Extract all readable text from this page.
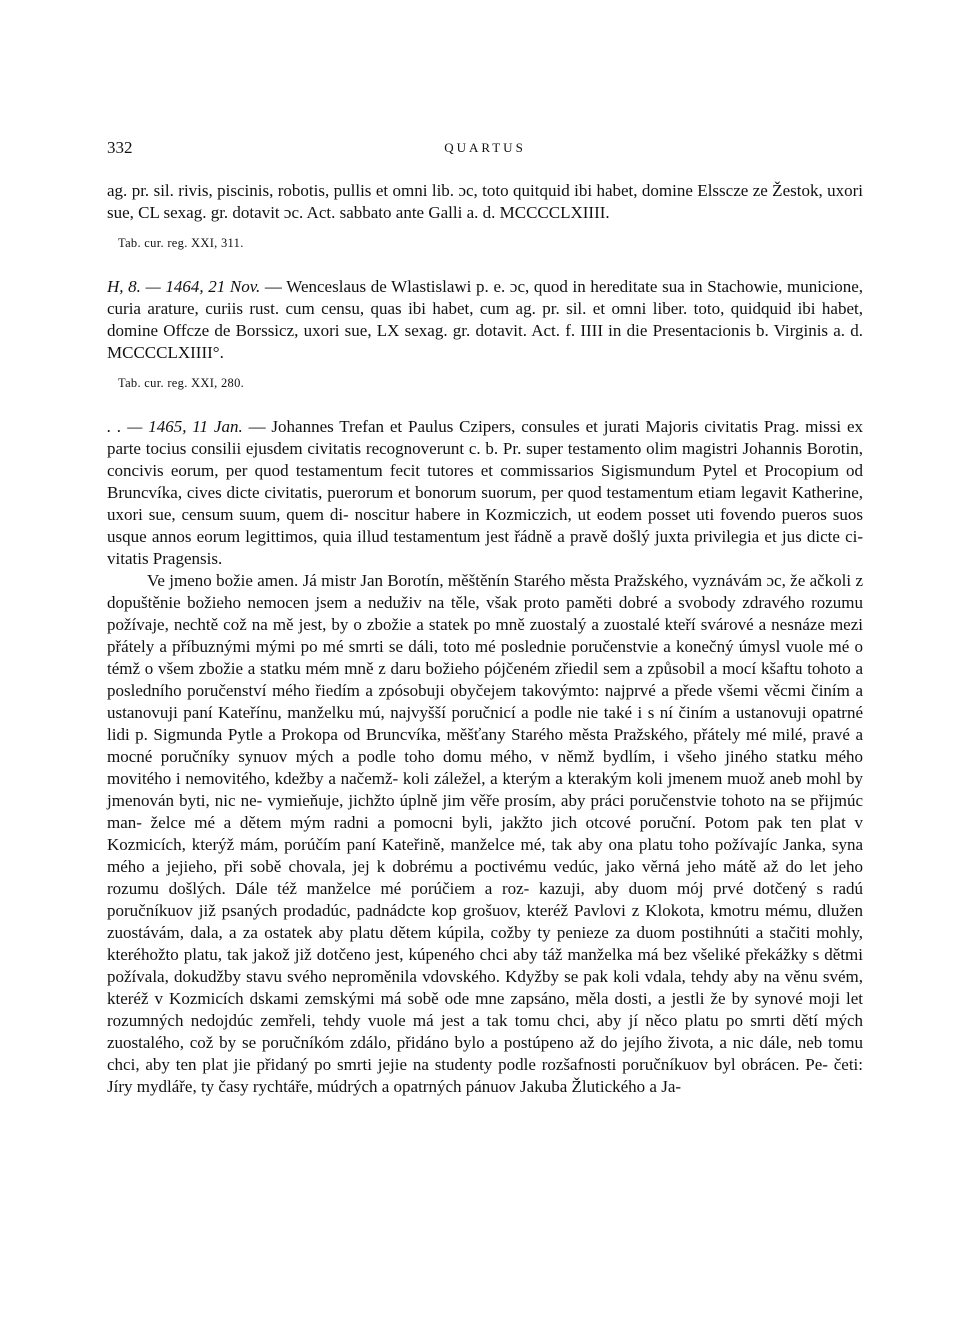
332	QUARTUS

ag. pr. sil. rivis, piscinis, robotis, pullis et omni lib. ɔc, toto quitquid ibi habet, domine Elsscze ze Žestok, uxori sue, CL sexag. gr. dotavit ɔc. Act. sabbato ante Galli a. d. MCCCCLXIIII.

Tab. cur. reg. XXI, 311.

H, 8. — 1464, 21 Nov. — Wenceslaus de Wlastislawi p. e. ɔc, quod in hereditate sua in Stachowie, municione, curia arature, curiis rust. cum censu, quas ibi habet, cum ag. pr. sil. et omni liber. toto, quidquid ibi habet, domine Offcze de Borssicz, uxori sue, LX sexag. gr. dotavit. Act. f. IIII in die Presentacionis b. Virginis a. d. MCCCCLXIIII°.

Tab. cur. reg. XXI, 280.

. . — 1465, 11 Jan. — Johannes Trefan et Paulus Czipers, consules et jurati Majoris civitatis Prag. missi ex parte tocius consilii ejusdem civitatis recognoverunt c. b. Pr. super testamento olim magistri Johannis Borotin, concivis eorum, per quod testamentum fecit tutores et commissarios Sigismundum Pytel et Procopium od Bruncvíka, cives dicte civitatis, puerorum et bonorum suorum, per quod testamentum etiam legavit Katherine, uxori sue, censum suum, quem di- noscitur habere in Kozmiczich, ut eodem posset uti fovendo pueros suos usque annos eorum legittimos, quia illud testamentum jest řádně a pravě došlý juxta privilegia et jus dicte ci- vitatis Pragensis.

Ve jmeno božie amen. Já mistr Jan Borotín, měštěnín Starého města Pražského, vyznávám ɔc, že ačkoli z dopuštěnie božieho nemocen jsem a neduživ na těle, však proto paměti dobré a svobody zdravého rozumu požívaje, nechtě což na mě jest, by o zbožie a statek po mně zuostalý a zuostalé kteří svárové a nesnáze mezi přátely a příbuznými mými po mé smrti se dáli, toto mé poslednie poručenstvie a konečný úmysl vuole mé o témž o všem zbožie a statku mém mně z daru božieho pójčeném zřiedil sem a způsobil a mocí kšaftu tohoto a posledního poručenství mého řiedím a zpósobuji obyčejem takovýmto: najprvé a přede všemi věcmi činím a ustanovuji paní Kateřínu, manželku mú, najvyšší poručnicí a podle nie také i s ní činím a ustanovuji opatrné lidi p. Sigmunda Pytle a Prokopa od Bruncvíka, měšťany Starého města Pražského, přátely mé milé, pravé a mocné poručníky synuov mých a podle toho domu mého, v němž bydlím, i všeho jiného statku mého movitého i nemovitého, kdežby a načemž- koli záležel, a kterým a kterakým koli jmenem muož aneb mohl by jmenován byti, nic ne- vymieňuje, jichžto úplně jim věře prosím, aby práci poručenstvie tohoto na se přijmúc man- želce mé a dětem mým radni a pomocni byli, jakžto jich otcové poruční. Potom pak ten plat v Kozmicích, kterýž mám, porúčím paní Kateřině, manželce mé, tak aby ona platu toho požívajíc Janka, syna mého a jejieho, při sobě chovala, jej k dobrému a poctivému vedúc, jako věrná jeho mátě až do let jeho rozumu došlých. Dále též manželce mé porúčiem a roz- kazuji, aby duom mój prvé dotčený s radú poručníkuov již psaných prodadúc, padnádcte kop grošuov, kteréž Pavlovi z Klokota, kmotru mému, dlužen zuostávám, dala, a za ostatek aby platu dětem kúpila, cožby ty penieze za duom postihnúti a stačiti mohly, kteréhožto platu, tak jakož již dotčeno jest, kúpeného chci aby táž manželka má bez všeliké překážky s dětmi požívala, dokudžby stavu svého neproměnila vdovského. Kdyžby se pak koli vdala, tehdy aby na věnu svém, kteréž v Kozmicích dskami zemskými má sobě ode mne zapsáno, měla dosti, a jestli že by synové moji let rozumných nedojdúc zemřeli, tehdy vuole má jest a tak tomu chci, aby jí něco platu po smrti dětí mých zuostalého, což by se poručníkóm zdálo, přidáno bylo a postúpeno až do jejího života, a nic dále, neb tomu chci, aby ten plat jie přidaný po smrti jejie na studenty podle rozšafnosti poručníkuov byl obrácen. Pe- četi: Jíry mydláře, ty časy rychtáře, múdrých a opatrných pánuov Jakuba Žlutického a Ja-
